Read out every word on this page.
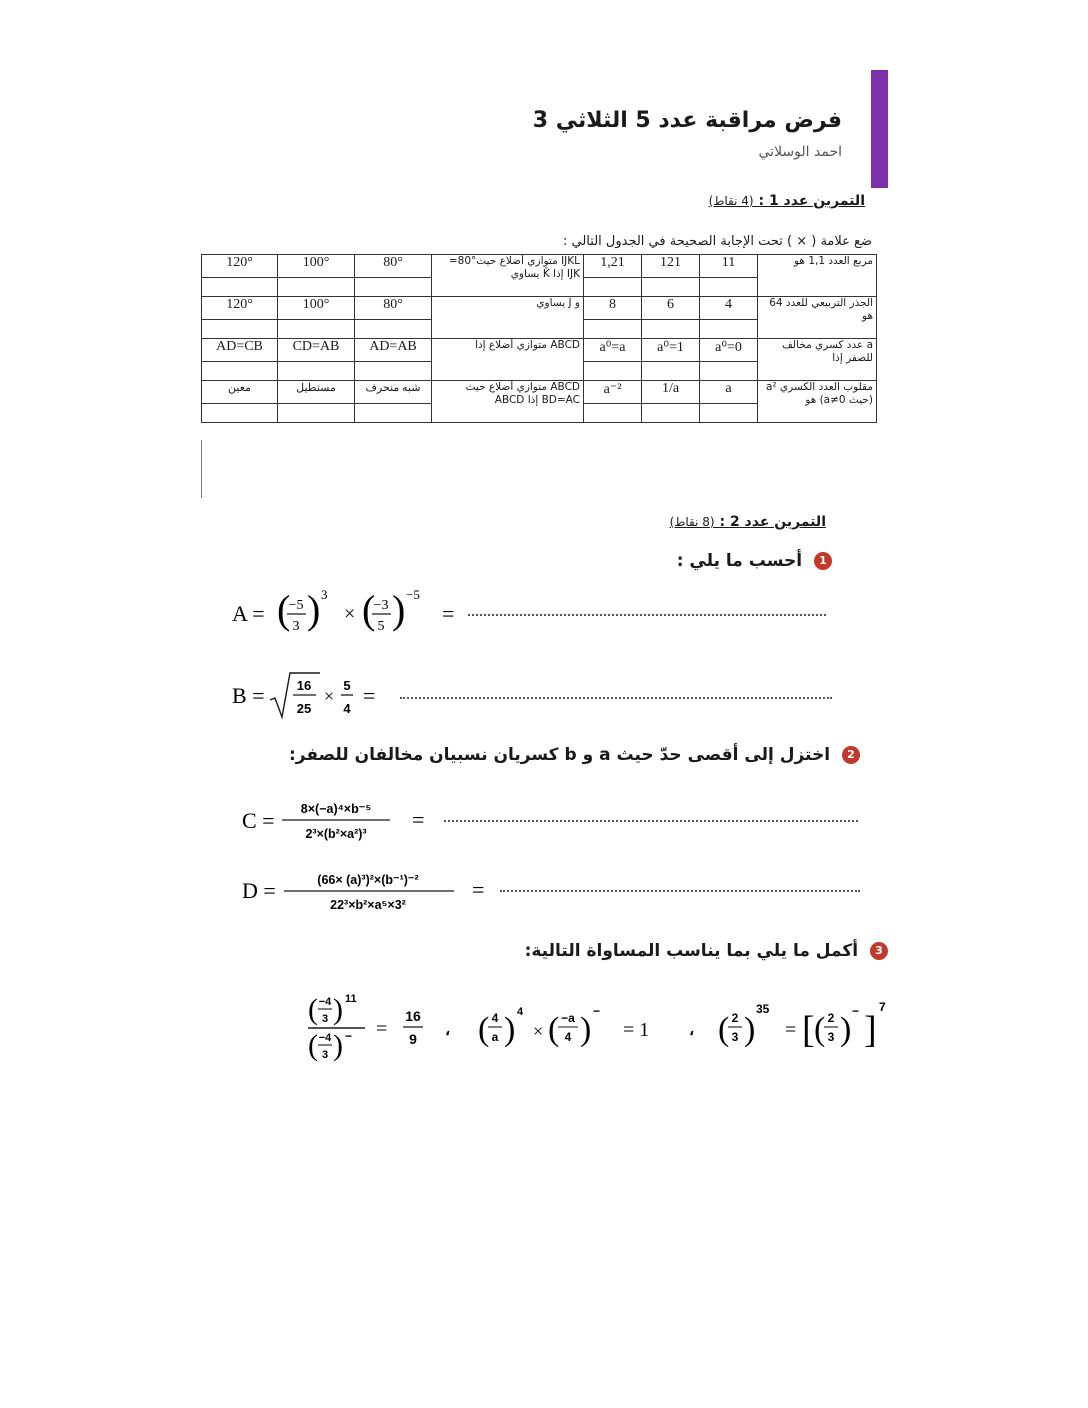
فرض مراقبة عدد 5 الثلاثي 3
احمد الوسلاتي
التمرين عدد 1 : (4 نقاط)
ضع علامة ( × ) تحت الإجابة الصحيحة في الجدول التالي :
120°	100°	80°	IJKL متوازي أضلاع حيث°80= IJK إذا Ǩ يساوي	1,21	121	11	مربع العدد 1,1 هو

120°	100°	80°	و Ĵ يساوي	8	6	4	الجذر التربيعي للعدد 64 هو

AD=CB	CD=AB	AD=AB	ABCD متوازي أضلاع إذا	a⁰=a	a⁰=1	a⁰=0	a عدد كسري مخالف للصفر إذا

معين	مستطيل	شبه منحرف	ABCD متوازي أضلاع حيث BD=AC إذا ABCD	a⁻²	1/a	a	مقلوب العدد الكسري a² (حيث a≠0) هو

التمرين عدد 2 : (8 نقاط)
1 أحسب ما يلي :
A = (
−5
3 ) 3
× (
−3
5 ) −5
=
B = 16
25
×
5
4
=
2 اختزل إلى أقصى حدّ حيث a و b كسريان نسبيان مخالفان للصفر:
C = 8×(−a)⁴×b⁻⁵
2³×(b²×a²)³
=
D =	(66× (a)³)²×(b⁻¹)⁻²
22³×b²×a⁵×3²
=
3 أكمل ما يلي بما يناسب المساواة التالية:
( −4
3 ) 11
( −4
3 ) − =
16
9 ، ( 4
a ) 4
× ( −a
4 ) −
= 1 ، ( 2
3 )
35
= [ ( 2
3 ) − ]
7
